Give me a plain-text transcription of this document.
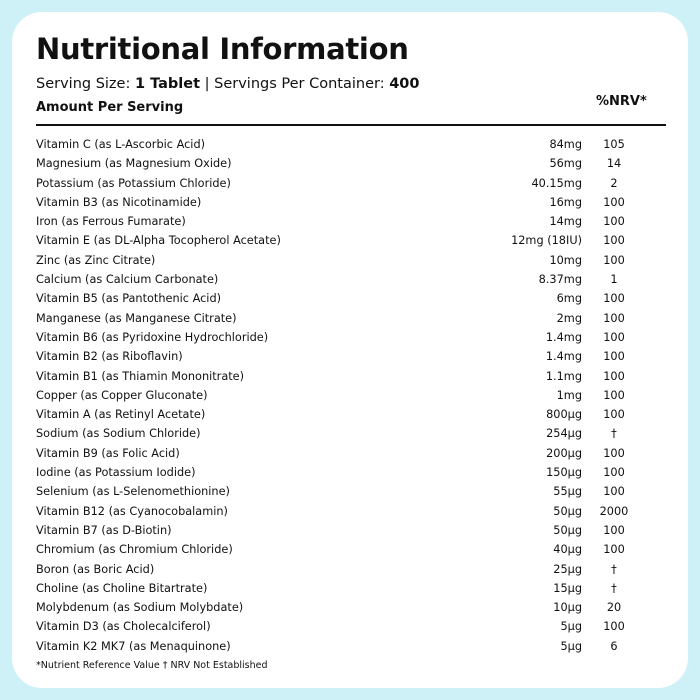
Nutritional Information
Serving Size: 1 Tablet | Servings Per Container: 400
Amount Per Serving	%NRV*
Vitamin C (as L-Ascorbic Acid)	84mg	105
Magnesium (as Magnesium Oxide)	56mg	14
Potassium (as Potassium Chloride)	40.15mg	2
Vitamin B3 (as Nicotinamide)	16mg	100
Iron (as Ferrous Fumarate)	14mg	100
Vitamin E (as DL-Alpha Tocopherol Acetate)	12mg (18IU)	100
Zinc (as Zinc Citrate)	10mg	100
Calcium (as Calcium Carbonate)	8.37mg	1
Vitamin B5 (as Pantothenic Acid)	6mg	100
Manganese (as Manganese Citrate)	2mg	100
Vitamin B6 (as Pyridoxine Hydrochloride)	1.4mg	100
Vitamin B2 (as Riboflavin)	1.4mg	100
Vitamin B1 (as Thiamin Mononitrate)	1.1mg	100
Copper (as Copper Gluconate)	1mg	100
Vitamin A (as Retinyl Acetate)	800µg	100
Sodium (as Sodium Chloride)	254µg	†
Vitamin B9 (as Folic Acid)	200µg	100
Iodine (as Potassium Iodide)	150µg	100
Selenium (as L-Selenomethionine)	55µg	100
Vitamin B12 (as Cyanocobalamin)	50µg	2000
Vitamin B7 (as D-Biotin)	50µg	100
Chromium (as Chromium Chloride)	40µg	100
Boron (as Boric Acid)	25µg	†
Choline (as Choline Bitartrate)	15µg	†
Molybdenum (as Sodium Molybdate)	10µg	20
Vitamin D3 (as Cholecalciferol)	5µg	100
Vitamin K2 MK7 (as Menaquinone)	5µg	6
*Nutrient Reference Value † NRV Not Established
